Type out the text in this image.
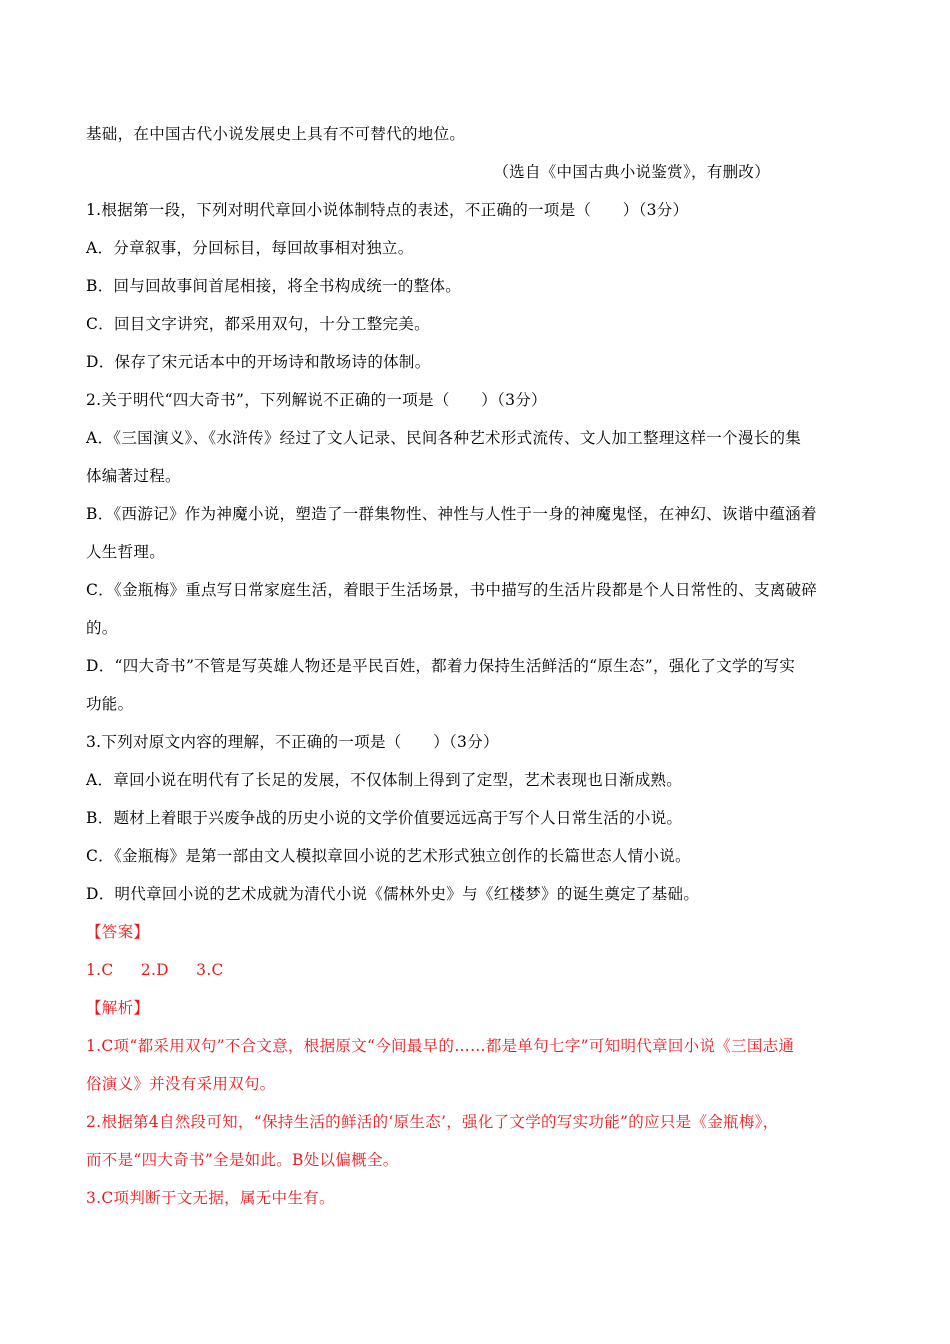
基础，在中国古代小说发展史上具有不可替代的地位。
（选自《中国古典小说鉴赏》，有删改）
1.根据第一段，下列对明代章回小说体制特点的表述，不正确的一项是（　　）（3分）
A．分章叙事，分回标目，每回故事相对独立。
B．回与回故事间首尾相接，将全书构成统一的整体。
C．回目文字讲究，都采用双句，十分工整完美。
D．保存了宋元话本中的开场诗和散场诗的体制。
2.关于明代“四大奇书”，下列解说不正确的一项是（　　）（3分）
A．《三国演义》、《水浒传》经过了文人记录、民间各种艺术形式流传、文人加工整理这样一个漫长的集
体编著过程。
B．《西游记》作为神魔小说，塑造了一群集物性、神性与人性于一身的神魔鬼怪，在神幻、诙谐中蕴涵着
人生哲理。
C．《金瓶梅》重点写日常家庭生活，着眼于生活场景，书中描写的生活片段都是个人日常性的、支离破碎
的。
D．“四大奇书”不管是写英雄人物还是平民百姓，都着力保持生活鲜活的“原生态”，强化了文学的写实
功能。
3.下列对原文内容的理解，不正确的一项是（　　）（3分）
A．章回小说在明代有了长足的发展，不仅体制上得到了定型，艺术表现也日渐成熟。
B．题材上着眼于兴废争战的历史小说的文学价值要远远高于写个人日常生活的小说。
C．《金瓶梅》是第一部由文人模拟章回小说的艺术形式独立创作的长篇世态人情小说。
D．明代章回小说的艺术成就为清代小说《儒林外史》与《红楼梦》的诞生奠定了基础。
【答案】
1.C 2.D 3.C
【解析】
1.C项“都采用双句”不合文意，根据原文“今间最早的……都是单句七字”可知明代章回小说《三国志通
俗演义》并没有采用双句。
2.根据第4自然段可知，“保持生活的鲜活的‘原生态’，强化了文学的写实功能”的应只是《金瓶梅》，
而不是“四大奇书”全是如此。B处以偏概全。
3.C项判断于文无据，属无中生有。
